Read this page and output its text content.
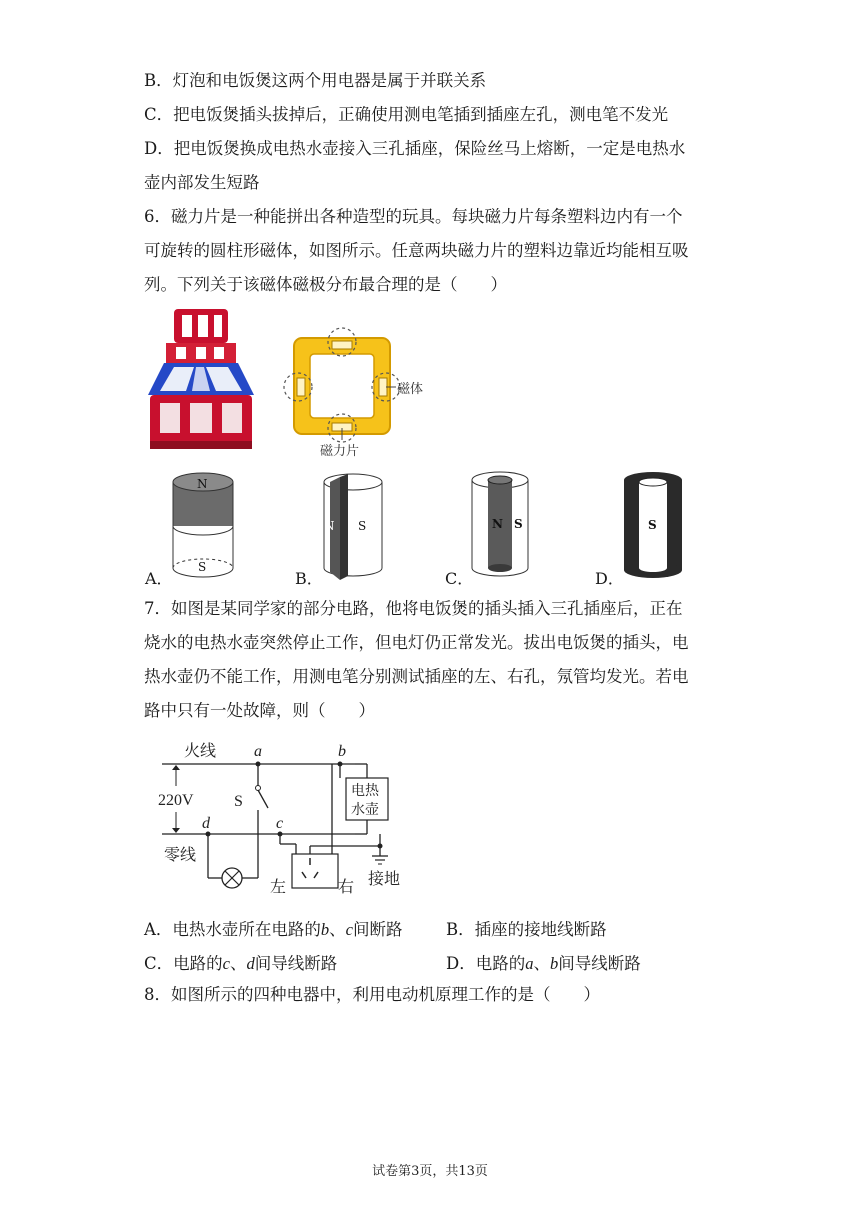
B．灯泡和电饭煲这两个用电器是属于并联关系
C．把电饭煲插头拔掉后，正确使用测电笔插到插座左孔，测电笔不发光
D．把电饭煲换成电热水壶接入三孔插座，保险丝马上熔断，一定是电热水
壶内部发生短路
6．磁力片是一种能拼出各种造型的玩具。每块磁力片每条塑料边内有一个
可旋转的圆柱形磁体，如图所示。任意两块磁力片的塑料边靠近均能相互吸
列。下列关于该磁体磁极分布最合理的是（　　）
磁体
磁力片
N
S
A．
N S
B．
N S
C．
S
D．
7．如图是某同学家的部分电路，他将电饭煲的插头插入三孔插座后，正在
烧水的电热水壶突然停止工作，但电灯仍正常发光。拔出电饭煲的插头，电
热水壶仍不能工作，用测电笔分别测试插座的左、右孔，氖管均发光。若电
路中只有一处故障，则（　　）
220V
火线
零线
a	b
d	c
S
电热
水壶
接地
左	右
A．电热水壶所在电路的b、c间断路	B．插座的接地线断路
C．电路的c、d间导线断路	D．电路的a、b间导线断路
8．如图所示的四种电器中，利用电动机原理工作的是（　　）
试卷第3页，共13页
